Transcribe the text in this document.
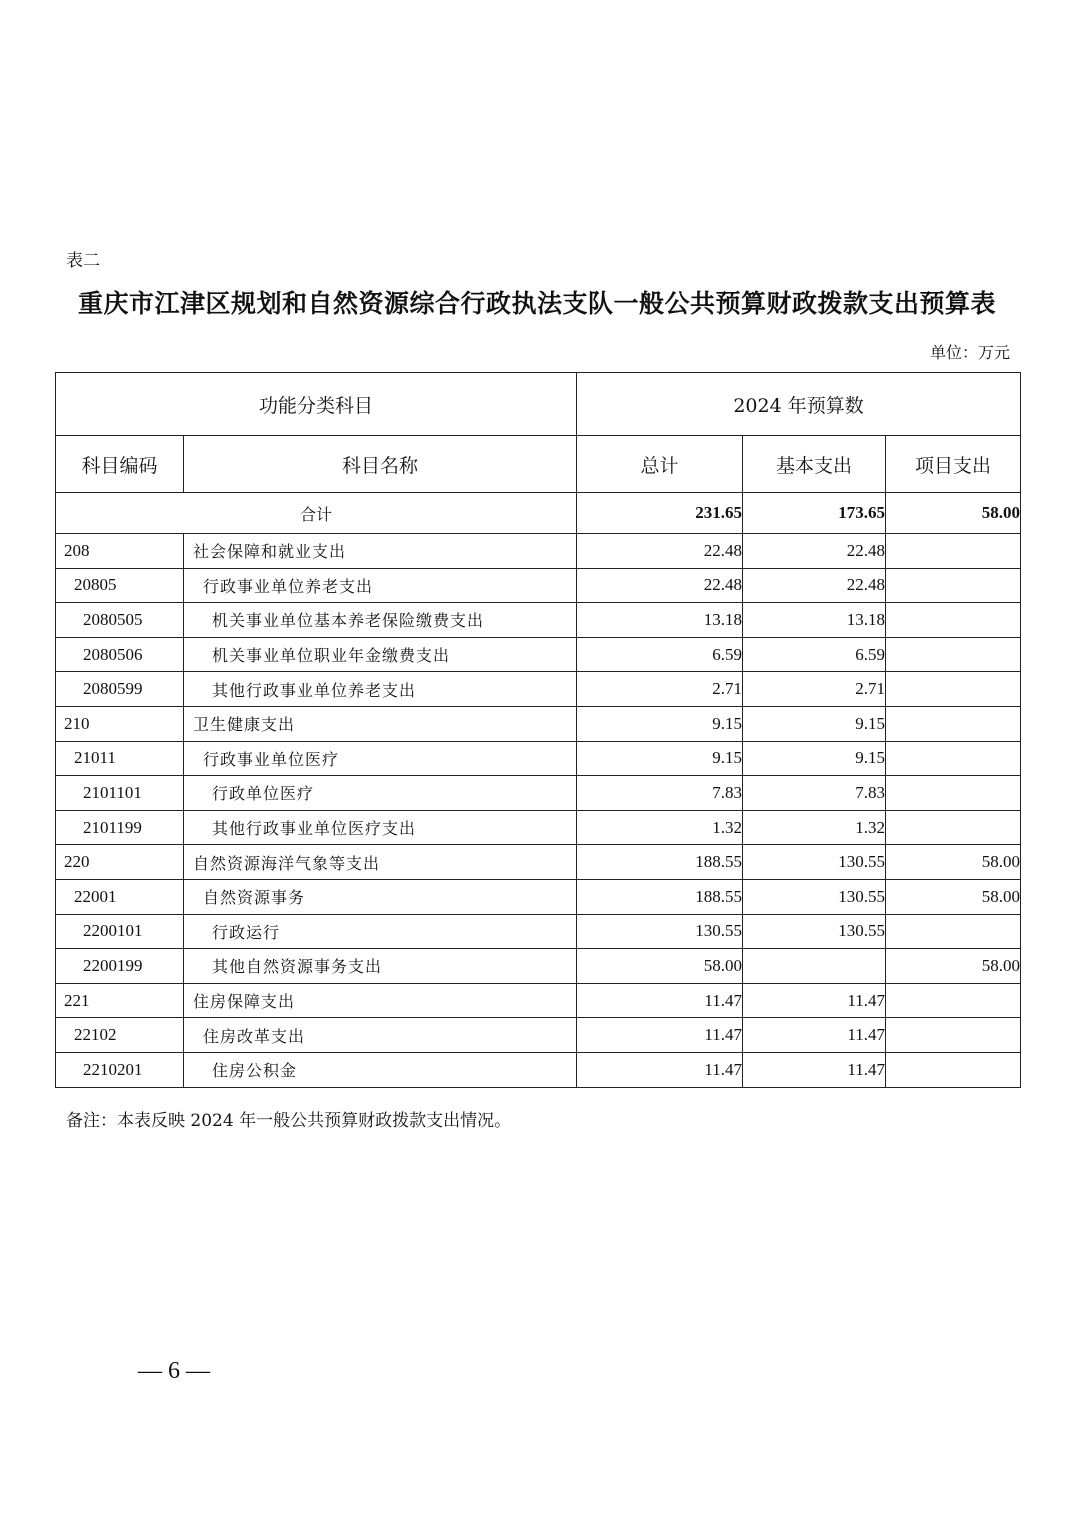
表二
重庆市江津区规划和自然资源综合行政执法支队一般公共预算财政拨款支出预算表
单位：万元
功能分类科目		2024 年预算数		
科目编码	科目名称	总计	基本支出	项目支出
合计		231.65	173.65	58.00
208	社会保障和就业支出	22.48	22.48	
20805	行政事业单位养老支出	22.48	22.48	
2080505	机关事业单位基本养老保险缴费支出	13.18	13.18	
2080506	机关事业单位职业年金缴费支出	6.59	6.59	
2080599	其他行政事业单位养老支出	2.71	2.71	
210	卫生健康支出	9.15	9.15	
21011	行政事业单位医疗	9.15	9.15	
2101101	行政单位医疗	7.83	7.83	
2101199	其他行政事业单位医疗支出	1.32	1.32	
220	自然资源海洋气象等支出	188.55	130.55	58.00
22001	自然资源事务	188.55	130.55	58.00
2200101	行政运行	130.55	130.55	
2200199	其他自然资源事务支出	58.00		58.00
221	住房保障支出	11.47	11.47	
22102	住房改革支出	11.47	11.47	
2210201	住房公积金	11.47	11.47	
备注：本表反映 2024 年一般公共预算财政拨款支出情况。
— 6 —
